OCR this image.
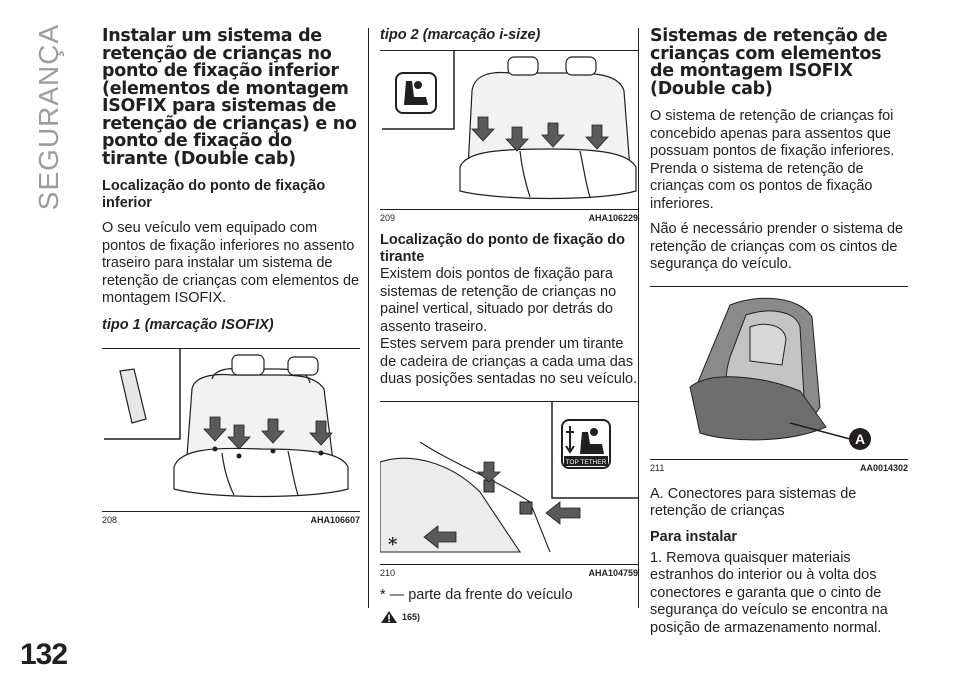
SEGURANÇA
132
Instalar um sistema de retenção de crianças no ponto de fixação inferior (elementos de montagem ISOFIX para sistemas de retenção de crianças) e no ponto de fixação do tirante (Double cab)
Localização do ponto de fixação inferior

O seu veículo vem equipado com pontos de fixação inferiores no assento traseiro para instalar um sistema de retenção de crianças com elementos de montagem ISOFIX.

tipo 1 (marcação ISOFIX)
208	AHA106607
tipo 2 (marcação i-size)
209	AHA106229
Localização do ponto de fixação do tirante

Existem dois pontos de fixação para sistemas de retenção de crianças no painel vertical, situado por detrás do assento traseiro.

Estes servem para prender um tirante de cadeira de crianças a cada uma das duas posições sentadas no seu veículo.

TOP TETHER
*
210	AHA104759

* — parte da frente do veículo

165)
Sistemas de retenção de crianças com elementos de montagem ISOFIX (Double cab)

O sistema de retenção de crianças foi concebido apenas para assentos que possuam pontos de fixação inferiores. Prenda o sistema de retenção de crianças com os pontos de fixação inferiores.

Não é necessário prender o sistema de retenção de crianças com os cintos de segurança do veículo.

A
211	AA0014302

A. Conectores para sistemas de retenção de crianças

Para instalar

1. Remova quaisquer materiais estranhos do interior ou à volta dos conectores e garanta que o cinto de segurança do veículo se encontra na posição de armazenamento normal.
